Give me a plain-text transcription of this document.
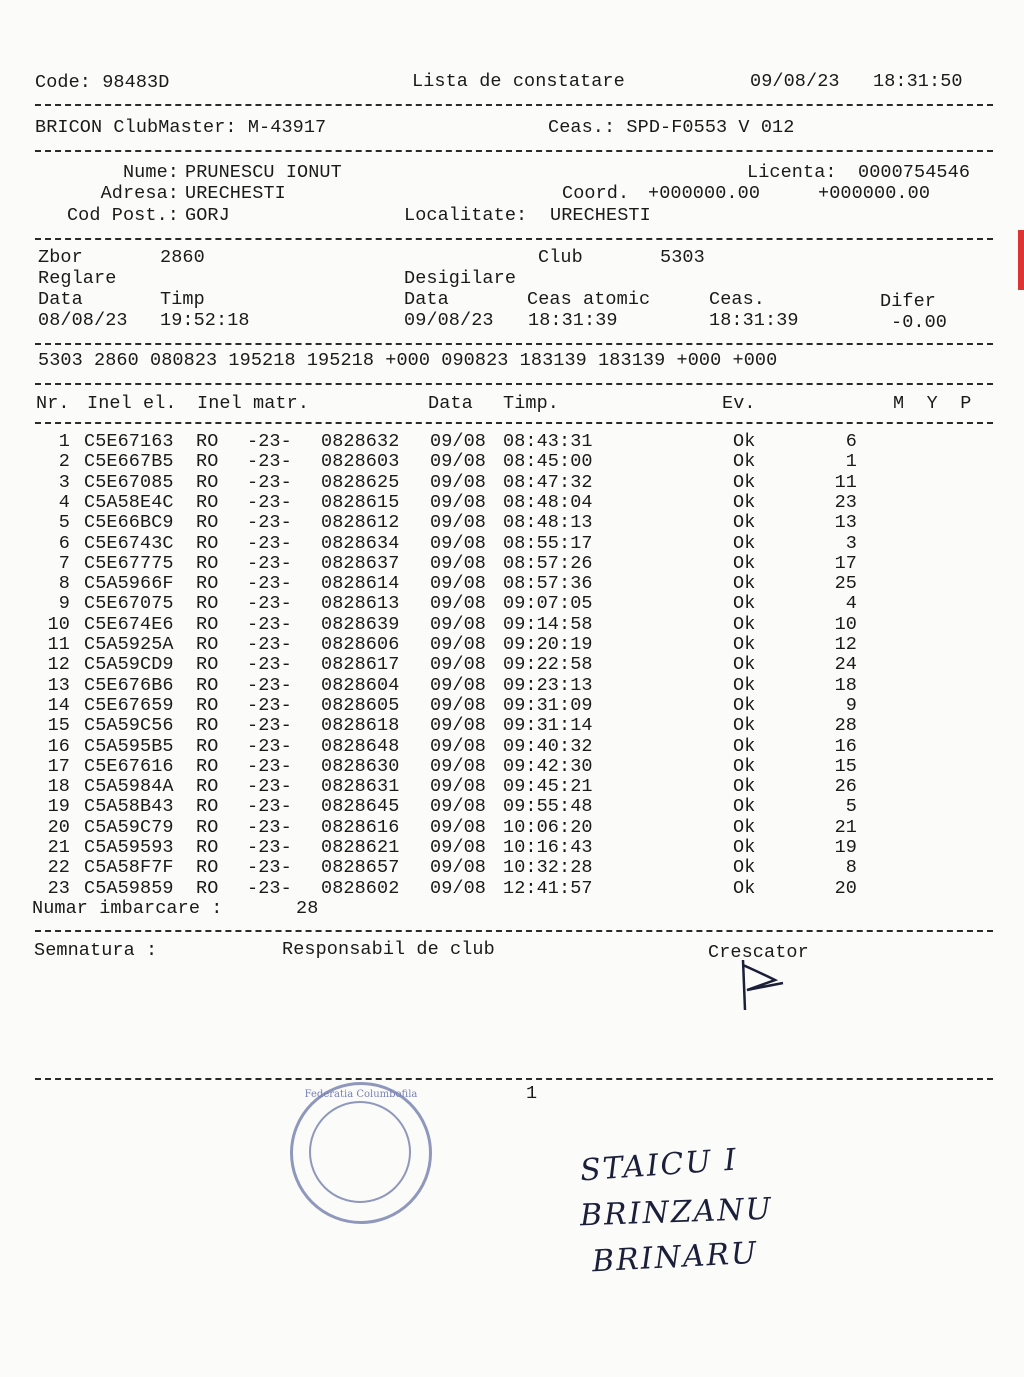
Code: 98483D	Lista de constatare	09/08/23 18:31:50
BRICON ClubMaster: M-43917	Ceas.: SPD-F0553 V 012
Nume: PRUNESCU IONUT	Licenta: 0000754546
Adresa: URECHESTI	Coord. +000000.00	+000000.00
Cod Post.: GORJ	Localitate: URECHESTI
Zbor	2860	Club	5303
Reglare	Desigilare
Data	Timp	Data	Ceas atomic	Ceas.	Difer
08/08/23 19:52:18	09/08/23 18:31:39	18:31:39	-0.00
5303 2860 080823 195218 195218 +000 090823 183139 183139 +000 +000
Nr. Inel el. Inel matr.	Data Timp.	Ev.	M  Y  P
1 C5E67163 RO -23- 0828632 09/08 08:43:31	Ok	6
2 C5E667B5 RO -23- 0828603 09/08 08:45:00	Ok	1
3 C5E67085 RO -23- 0828625 09/08 08:47:32	Ok	11
4 C5A58E4C RO -23- 0828615 09/08 08:48:04	Ok	23
5 C5E66BC9 RO -23- 0828612 09/08 08:48:13	Ok	13
6 C5E6743C RO -23- 0828634 09/08 08:55:17	Ok	3
7 C5E67775 RO -23- 0828637 09/08 08:57:26	Ok	17
8 C5A5966F RO -23- 0828614 09/08 08:57:36	Ok	25
9 C5E67075 RO -23- 0828613 09/08 09:07:05	Ok	4
10 C5E674E6 RO -23- 0828639 09/08 09:14:58	Ok	10
11 C5A5925A RO -23- 0828606 09/08 09:20:19	Ok	12
12 C5A59CD9 RO -23- 0828617 09/08 09:22:58	Ok	24
13 C5E676B6 RO -23- 0828604 09/08 09:23:13	Ok	18
14 C5E67659 RO -23- 0828605 09/08 09:31:09	Ok	9
15 C5A59C56 RO -23- 0828618 09/08 09:31:14	Ok	28
16 C5A595B5 RO -23- 0828648 09/08 09:40:32	Ok	16
17 C5E67616 RO -23- 0828630 09/08 09:42:30	Ok	15
18 C5A5984A RO -23- 0828631 09/08 09:45:21	Ok	26
19 C5A58B43 RO -23- 0828645 09/08 09:55:48	Ok	5
20 C5A59C79 RO -23- 0828616 09/08 10:06:20	Ok	21
21 C5A59593 RO -23- 0828621 09/08 10:16:43	Ok	19
22 C5A58F7F RO -23- 0828657 09/08 10:32:28	Ok	8
23 C5A59859 RO -23- 0828602 09/08 12:41:57	Ok	20
Numar imbarcare :	28
Semnatura :	Responsabil de club	Crescator
1
Federatia Columbofila
STAICU I
BRINZANU
BRINARU
